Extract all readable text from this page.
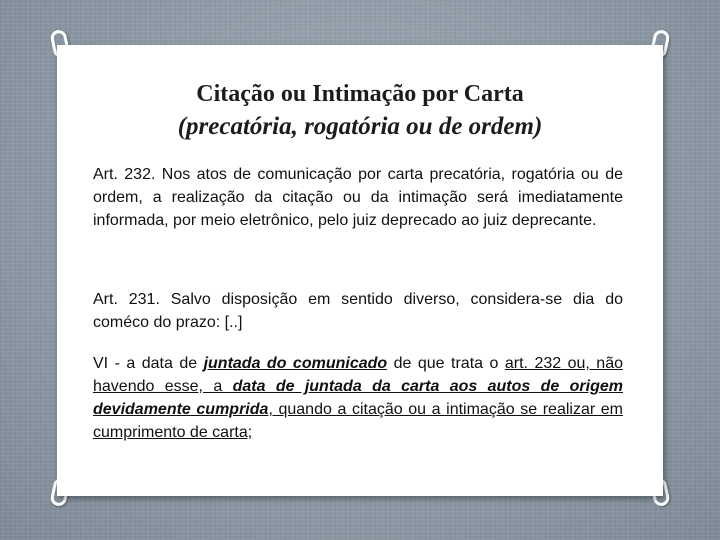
Citação ou Intimação por Carta
(precatória, rogatória ou de ordem)

Art. 232. Nos atos de comunicação por carta precatória, rogatória ou de ordem, a realização da citação ou da intimação será imediatamente informada, por meio eletrônico, pelo juiz deprecado ao juiz deprecante.

Art. 231. Salvo disposição em sentido diverso, considera-se dia do coméco do prazo: [..]

VI - a data de juntada do comunicado de que trata o art. 232 ou, não havendo esse, a data de juntada da carta aos autos de origem devidamente cumprida, quando a citação ou a intimação se realizar em cumprimento de carta;
